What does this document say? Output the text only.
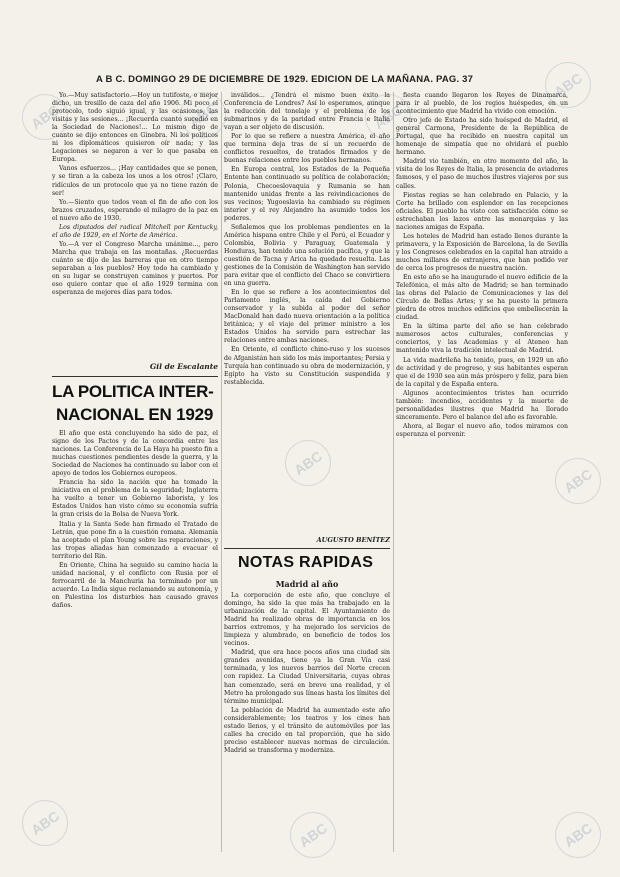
ABC	ABC	ABC
ABC
ABC
ABC
ABC	ABC	ABC
A B C. DOMINGO 29 DE DICIEMBRE DE 1929. EDICION DE LA MAÑANA. PAG. 37

Yo.—Muy satisfactorio.—Hoy un tutifoste, o mejor dicho, un tresillo de caza del año 1906. Mi poco el protocolo, todo siguió igual, y las ocasiones, las visitas y las sesiones... ¡Recuerda cuanto sucedió en la Sociedad de Naciones!... Lo mismo digo de cuanto se dijo entonces en Ginebra. Ni los políticos ni los diplomáticos quisieron oír nada; y las Legaciones se negaron a ver lo que pasaba en Europa.

Vanos esfuerzos... ¡Hay cantidades que se ponen, y se tiran a la cabeza los unos a los otros! ¡Claro, ridículos de un protocolo que ya no tiene razón de ser!

Yo.—Siento que todos vean el fin de año con los brazos cruzados, esperando el milagro de la paz en el nuevo año de 1930.

Los diputados del radical Mitchell por Kentucky, el año de 1929, en el Norte de América.

Yo.—A ver el Congreso Marcha unánime..., pero Marcha que trabaja en las montañas. ¿Recuerdas cuánto se dijo de las barreras que en otro tiempo separaban a los pueblos? Hoy todo ha cambiado y en su lugar se construyen caminos y puertos. Por eso quiero contar que el año 1929 termina con esperanza de mejores días para todos.

Gil de Escalante
LA POLITICA INTER-
NACIONAL EN 1929

El año que está concluyendo ha sido de paz, el signo de los Pactos y de la concordia entre las naciones. La Conferencia de La Haya ha puesto fin a muchas cuestiones pendientes desde la guerra, y la Sociedad de Naciones ha continuado su labor con el apoyo de todos los Gobiernos europeos.

Francia ha sido la nación que ha tomado la iniciativa en el problema de la seguridad; Inglaterra ha vuelto a tener un Gobierno laborista, y los Estados Unidos han visto cómo su economía sufría la gran crisis de la Bolsa de Nueva York.

Italia y la Santa Sede han firmado el Tratado de Letrán, que pone fin a la cuestión romana. Alemania ha aceptado el plan Young sobre las reparaciones, y las tropas aliadas han comenzado a evacuar el territorio del Rin.

En Oriente, China ha seguido su camino hacia la unidad nacional, y el conflicto con Rusia por el ferrocarril de la Manchuria ha terminado por un acuerdo. La India sigue reclamando su autonomía, y en Palestina los disturbios han causado graves daños.

inválidos... ¿Tendrá el mismo buen éxito la Conferencia de Londres? Así lo esperamos, aunque la reducción del tonelaje y el problema de los submarinos y de la paridad entre Francia e Italia vayan a ser objeto de discusión.

Por lo que se refiere a nuestra América, el año que termina deja tras de sí un recuerdo de conflictos resueltos, de tratados firmados y de buenas relaciones entre los pueblos hermanos.

En Europa central, los Estados de la Pequeña Entente han continuado su política de colaboración; Polonia, Checoeslovaquia y Rumania se han mantenido unidas frente a las reivindicaciones de sus vecinos; Yugoeslavia ha cambiado su régimen interior y el rey Alejandro ha asumido todos los poderes.

Señalemos que los problemas pendientes en la América hispana entre Chile y el Perú, el Ecuador y Colombia, Bolivia y Paraguay, Guatemala y Honduras, han tenido una solución pacífica, y que la cuestión de Tacna y Arica ha quedado resuelta. Las gestiones de la Comisión de Washington han servido para evitar que el conflicto del Chaco se convirtiera en una guerra.

En lo que se refiere a los acontecimientos del Parlamento inglés, la caída del Gobierno conservador y la subida al poder del señor MacDonald han dado nueva orientación a la política británica; y el viaje del primer ministro a los Estados Unidos ha servido para estrechar las relaciones entre ambas naciones.

En Oriente, el conflicto chino-ruso y los sucesos de Afganistán han sido los más importantes; Persia y Turquía han continuado su obra de modernización, y Egipto ha visto su Constitución suspendida y restablecida.

AUGUSTO BENÍTEZ
NOTAS RAPIDAS
Madrid al año

La corporación de este año, que concluye el domingo, ha sido la que más ha trabajado en la urbanización de la capital. El Ayuntamiento de Madrid ha realizado obras de importancia en los barrios extremos, y ha mejorado los servicios de limpieza y alumbrado, en beneficio de todos los vecinos.

Madrid, que era hace pocos años una ciudad sin grandes avenidas, tiene ya la Gran Vía casi terminada, y los nuevos barrios del Norte crecen con rapidez. La Ciudad Universitaria, cuyas obras han comenzado, será en breve una realidad, y el Metro ha prolongado sus líneas hasta los límites del término municipal.

La población de Madrid ha aumentado este año considerablemente; los teatros y los cines han estado llenos, y el tránsito de automóviles por las calles ha crecido en tal proporción, que ha sido preciso establecer nuevas normas de circulación. Madrid se transforma y moderniza.

fiesta cuando llegaron los Reyes de Dinamarca, para ir al pueblo, de los regios huéspedes, en un acontecimiento que Madrid ha vivido con emoción.

Otro jefe de Estado ha sido huésped de Madrid, el general Carmona, Presidente de la República de Portugal, que ha recibido en nuestra capital un homenaje de simpatía que no olvidará el pueblo hermano.

Madrid vio también, en otro momento del año, la visita de los Reyes de Italia, la presencia de aviadores famosos, y el paso de muchos ilustres viajeros por sus calles.

Fiestas regias se han celebrado en Palacio, y la Corte ha brillado con esplendor en las recepciones oficiales. El pueblo ha visto con satisfacción cómo se estrechaban los lazos entre las monarquías y las naciones amigas de España.

Los hoteles de Madrid han estado llenos durante la primavera, y la Exposición de Barcelona, la de Sevilla y los Congresos celebrados en la capital han atraído a muchos millares de extranjeros, que han podido ver de cerca los progresos de nuestra nación.

En este año se ha inaugurado el nuevo edificio de la Telefónica, el más alto de Madrid; se han terminado las obras del Palacio de Comunicaciones y las del Círculo de Bellas Artes; y se ha puesto la primera piedra de otros muchos edificios que embellecerán la ciudad.

En la última parte del año se han celebrado numerosos actos culturales, conferencias y conciertos, y las Academias y el Ateneo han mantenido viva la tradición intelectual de Madrid.

La vida madrileña ha tenido, pues, en 1929 un año de actividad y de progreso, y sus habitantes esperan que el de 1930 sea aún más próspero y feliz, para bien de la capital y de España entera.

Algunos acontecimientos tristes han ocurrido también: incendios, accidentes y la muerte de personalidades ilustres que Madrid ha llorado sinceramente. Pero el balance del año es favorable.

Ahora, al llegar el nuevo año, todos miramos con esperanza el porvenir.
